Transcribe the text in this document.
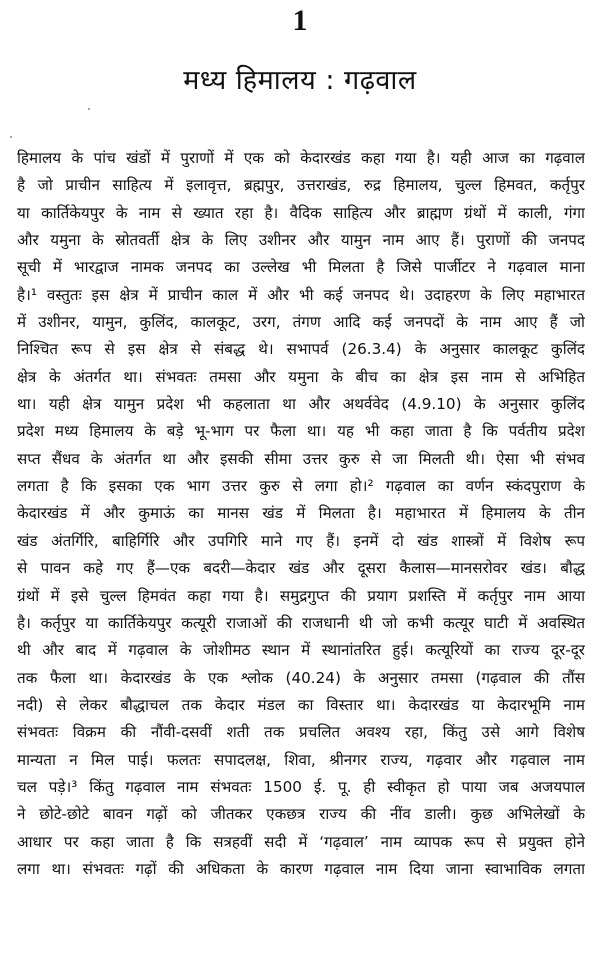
1
मध्य हिमालय : गढ़वाल
हिमालय के पांच खंडों में पुराणों में एक को केदारखंड कहा गया है। यही आज का गढ़वाल
है जो प्राचीन साहित्य में इलावृत्त, ब्रह्मपुर, उत्तराखंड, रुद्र हिमालय, चुल्ल हिमवत, कर्तृपुर
या कार्तिकेयपुर के नाम से ख्यात रहा है। वैदिक साहित्य और ब्राह्मण ग्रंथों में काली, गंगा
और यमुना के स्रोतवर्ती क्षेत्र के लिए उशीनर और यामुन नाम आए हैं। पुराणों की जनपद
सूची में भारद्वाज नामक जनपद का उल्लेख भी मिलता है जिसे पार्जीटर ने गढ़वाल माना
है।¹ वस्तुतः इस क्षेत्र में प्राचीन काल में और भी कई जनपद थे। उदाहरण के लिए महाभारत
में उशीनर, यामुन, कुलिंद, कालकूट, उरग, तंगण आदि कई जनपदों के नाम आए हैं जो
निश्चित रूप से इस क्षेत्र से संबद्ध थे। सभापर्व (26.3.4) के अनुसार कालकूट कुलिंद
क्षेत्र के अंतर्गत था। संभवतः तमसा और यमुना के बीच का क्षेत्र इस नाम से अभिहित
था। यही क्षेत्र यामुन प्रदेश भी कहलाता था और अथर्ववेद (4.9.10) के अनुसार कुलिंद
प्रदेश मध्य हिमालय के बड़े भू-भाग पर फैला था। यह भी कहा जाता है कि पर्वतीय प्रदेश
सप्त सैंधव के अंतर्गत था और इसकी सीमा उत्तर कुरु से जा मिलती थी। ऐसा भी संभव
लगता है कि इसका एक भाग उत्तर कुरु से लगा हो।² गढ़वाल का वर्णन स्कंदपुराण के
केदारखंड में और कुमाऊं का मानस खंड में मिलता है। महाभारत में हिमालय के तीन
खंड अंतर्गिरि, बाहिर्गिरि और उपगिरि माने गए हैं। इनमें दो खंड शास्त्रों में विशेष रूप
से पावन कहे गए हैं—एक बदरी—केदार खंड और दूसरा कैलास—मानसरोवर खंड। बौद्ध
ग्रंथों में इसे चुल्ल हिमवंत कहा गया है। समुद्रगुप्त की प्रयाग प्रशस्ति में कर्तृपुर नाम आया
है। कर्तृपुर या कार्तिकेयपुर कत्यूरी राजाओं की राजधानी थी जो कभी कत्यूर घाटी में अवस्थित
थी और बाद में गढ़वाल के जोशीमठ स्थान में स्थानांतरित हुई। कत्यूरियों का राज्य दूर-दूर
तक फैला था। केदारखंड के एक श्लोक (40.24) के अनुसार तमसा (गढ़वाल की तौंस
नदी) से लेकर बौद्धाचल तक केदार मंडल का विस्तार था। केदारखंड या केदारभूमि नाम
संभवतः विक्रम की नौंवी-दसवीं शती तक प्रचलित अवश्य रहा, किंतु उसे आगे विशेष
मान्यता न मिल पाई। फलतः सपादलक्ष, शिवा, श्रीनगर राज्य, गढ़वार और गढ़वाल नाम
चल पड़े।³ किंतु गढ़वाल नाम संभवतः 1500 ई. पू. ही स्वीकृत हो पाया जब अजयपाल
ने छोटे-छोटे बावन गढ़ों को जीतकर एकछत्र राज्य की नींव डाली। कुछ अभिलेखों के
आधार पर कहा जाता है कि सत्रहवीं सदी में ‘गढ़वाल’ नाम व्यापक रूप से प्रयुक्त होने
लगा था। संभवतः गढ़ों की अधिकता के कारण गढ़वाल नाम दिया जाना स्वाभाविक लगता
